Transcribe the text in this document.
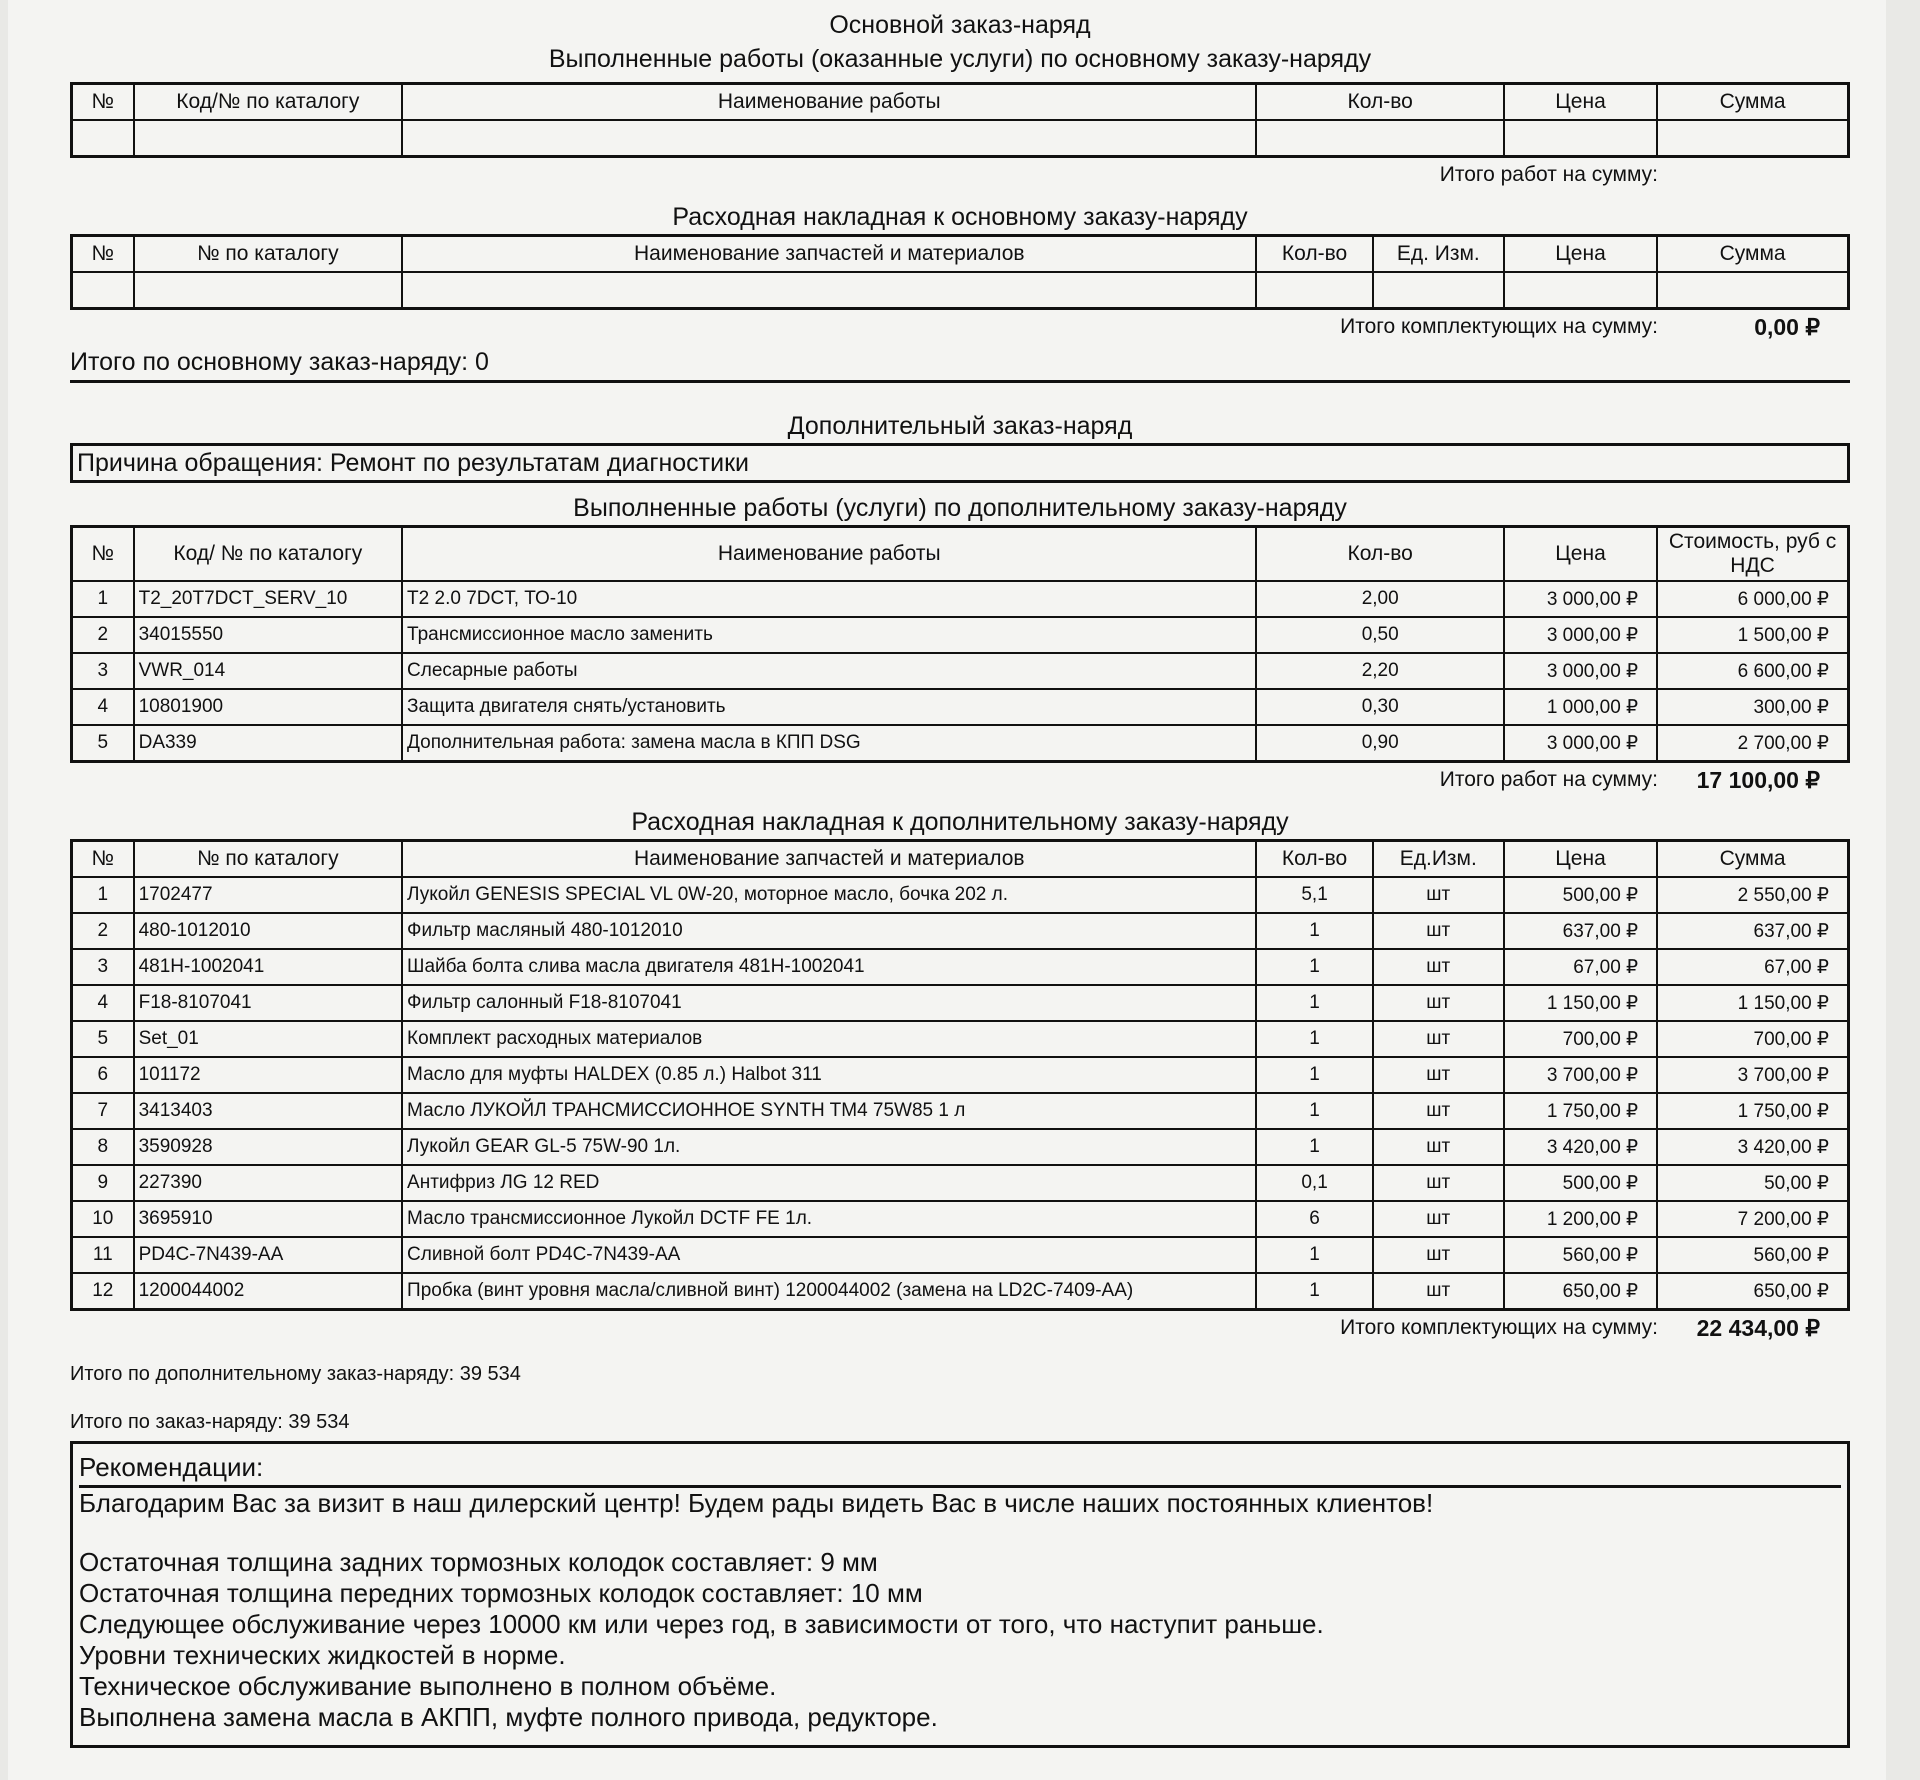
Основной заказ-наряд
Выполненные работы (оказанные услуги) по основному заказу-наряду
№	Код/№ по каталогу	Наименование работы	Кол-во	Цена	Сумма

Итого работ на сумму:
Расходная накладная к основному заказу-наряду
№	№ по каталогу	Наименование запчастей и материалов	Кол-во	Ед. Изм.	Цена	Сумма

Итого комплектующих на сумму:	0,00 ₽
Итого по основному заказ-наряду: 0
Дополнительный заказ-наряд
Причина обращения: Ремонт по результатам диагностики
Выполненные работы (услуги) по дополнительному заказу-наряду
№	Код/ № по каталогу	Наименование работы	Кол-во	Цена	Стоимость, руб с НДС
1	T2_20T7DCT_SERV_10	T2 2.0 7DCT, ТО-10	2,00	3 000,00 ₽	6 000,00 ₽
2	34015550	Трансмиссионное масло заменить	0,50	3 000,00 ₽	1 500,00 ₽
3	VWR_014	Слесарные работы	2,20	3 000,00 ₽	6 600,00 ₽
4	10801900	Защита двигателя снять/установить	0,30	1 000,00 ₽	300,00 ₽
5	DA339	Дополнительная работа: замена масла в КПП DSG	0,90	3 000,00 ₽	2 700,00 ₽
Итого работ на сумму: 17 100,00 ₽
Расходная накладная к дополнительному заказу-наряду
№	№ по каталогу	Наименование запчастей и материалов	Кол-во	Ед.Изм.	Цена	Сумма
1	1702477	Лукойл GENESIS SPECIAL VL 0W-20, моторное масло, бочка 202 л.	5,1	шт	500,00 ₽	2 550,00 ₽
2	480-1012010	Фильтр масляный 480-1012010	1	шт	637,00 ₽	637,00 ₽
3	481H-1002041	Шайба болта слива масла двигателя 481H-1002041	1	шт	67,00 ₽	67,00 ₽
4	F18-8107041	Фильтр салонный F18-8107041	1	шт	1 150,00 ₽	1 150,00 ₽
5	Set_01	Комплект расходных материалов	1	шт	700,00 ₽	700,00 ₽
6	101172	Масло для муфты HALDEX (0.85 л.) Halbot 311	1	шт	3 700,00 ₽	3 700,00 ₽
7	3413403	Масло ЛУКОЙЛ ТРАНСМИССИОННОЕ SYNTH TM4 75W85 1 л	1	шт	1 750,00 ₽	1 750,00 ₽
8	3590928	Лукойл GEAR GL-5 75W-90 1л.	1	шт	3 420,00 ₽	3 420,00 ₽
9	227390	Антифриз ЛG 12 RED	0,1	шт	500,00 ₽	50,00 ₽
10	3695910	Масло трансмиссионное Лукойл DCTF FE 1л.	6	шт	1 200,00 ₽	7 200,00 ₽
11	PD4C-7N439-AA	Сливной болт PD4C-7N439-AA	1	шт	560,00 ₽	560,00 ₽
12	1200044002	Пробка (винт уровня масла/сливной винт) 1200044002 (замена на LD2C-7409-AA)	1	шт	650,00 ₽	650,00 ₽
Итого комплектующих на сумму: 22 434,00 ₽
Итого по дополнительному заказ-наряду: 39 534
Итого по заказ-наряду: 39 534
Рекомендации:
Благодарим Вас за визит в наш дилерский центр! Будем рады видеть Вас в числе наших постоянных клиентов!
Остаточная толщина задних тормозных колодок составляет: 9 мм
Остаточная толщина передних тормозных колодок составляет: 10 мм
Следующее обслуживание через 10000 км или через год, в зависимости от того, что наступит раньше.
Уровни технических жидкостей в норме.
Техническое обслуживание выполнено в полном объёме.
Выполнена замена масла в АКПП, муфте полного привода, редукторе.
